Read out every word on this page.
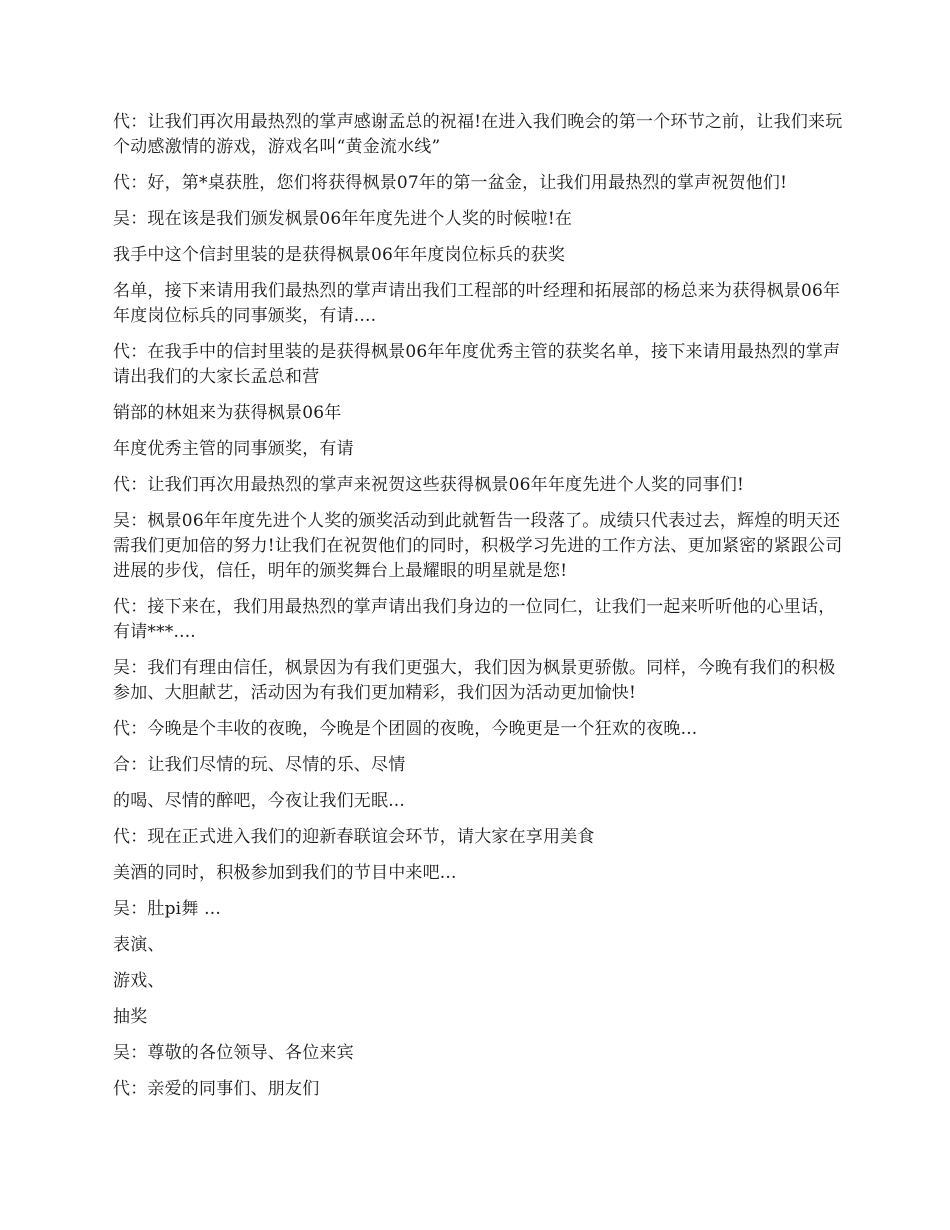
代：让我们再次用最热烈的掌声感谢孟总的祝福!在进入我们晚会的第一个环节之前，让我们来玩个动感激情的游戏，游戏名叫“黄金流水线”

代：好，第*桌获胜，您们将获得枫景07年的第一盆金，让我们用最热烈的掌声祝贺他们!

吴：现在该是我们颁发枫景06年年度先进个人奖的时候啦!在

我手中这个信封里装的是获得枫景06年年度岗位标兵的获奖

名单，接下来请用我们最热烈的掌声请出我们工程部的叶经理和拓展部的杨总来为获得枫景06年年度岗位标兵的同事颁奖，有请....

代：在我手中的信封里装的是获得枫景06年年度优秀主管的获奖名单，接下来请用最热烈的掌声请出我们的大家长孟总和营

销部的林姐来为获得枫景06年

年度优秀主管的同事颁奖，有请

代：让我们再次用最热烈的掌声来祝贺这些获得枫景06年年度先进个人奖的同事们!

吴：枫景06年年度先进个人奖的颁奖活动到此就暂告一段落了。成绩只代表过去，辉煌的明天还需我们更加倍的努力!让我们在祝贺他们的同时，积极学习先进的工作方法、更加紧密的紧跟公司进展的步伐，信任，明年的颁奖舞台上最耀眼的明星就是您!

代：接下来在，我们用最热烈的掌声请出我们身边的一位同仁，让我们一起来听听他的心里话，有请***....

吴：我们有理由信任，枫景因为有我们更强大，我们因为枫景更骄傲。同样，今晚有我们的积极参加、大胆献艺，活动因为有我们更加精彩，我们因为活动更加愉快!

代：今晚是个丰收的夜晚，今晚是个团圆的夜晚，今晚更是一个狂欢的夜晚...

合：让我们尽情的玩、尽情的乐、尽情

的喝、尽情的醉吧，今夜让我们无眠...

代：现在正式进入我们的迎新春联谊会环节，请大家在享用美食

美酒的同时，积极参加到我们的节目中来吧...

吴：肚pi舞 ...

表演、

游戏、

抽奖

吴：尊敬的各位领导、各位来宾

代：亲爱的同事们、朋友们
